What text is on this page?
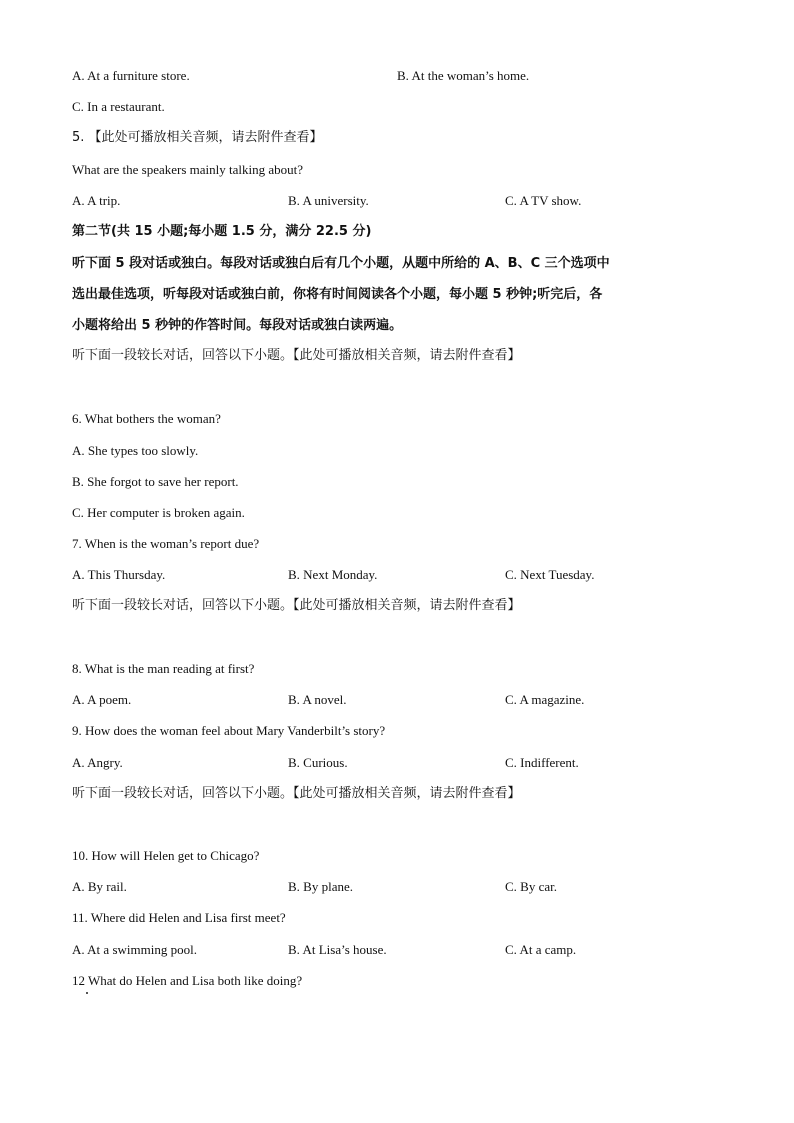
A. At a furniture store.	B. At the woman’s home.
C. In a restaurant.
5. 【此处可播放相关音频，请去附件查看】
What are the speakers mainly talking about?
A. A trip.	B. A university.	C. A TV show.
第二节(共 15 小题;每小题 1.5 分，满分 22.5 分)
听下面 5 段对话或独白。每段对话或独白后有几个小题，从题中所给的 A、B、C 三个选项中
选出最佳选项，听每段对话或独白前，你将有时间阅读各个小题，每小题 5 秒钟;听完后，各
小题将给出 5 秒钟的作答时间。每段对话或独白读两遍。
听下面一段较长对话，回答以下小题。【此处可播放相关音频，请去附件查看】
6. What bothers the woman?
A. She types too slowly.
B. She forgot to save her report.
C. Her computer is broken again.
7. When is the woman’s report due?
A. This Thursday.	B. Next Monday.	C. Next Tuesday.
听下面一段较长对话，回答以下小题。【此处可播放相关音频，请去附件查看】
8. What is the man reading at first?
A. A poem.	B. A novel.	C. A magazine.
9. How does the woman feel about Mary Vanderbilt’s story?
A. Angry.	B. Curious.	C. Indifferent.
听下面一段较长对话，回答以下小题。【此处可播放相关音频，请去附件查看】
10. How will Helen get to Chicago?
A. By rail.	B. By plane.	C. By car.
11. Where did Helen and Lisa first meet?
A. At a swimming pool.	B. At Lisa’s house.	C. At a camp.
12 What do Helen and Lisa both like doing?
